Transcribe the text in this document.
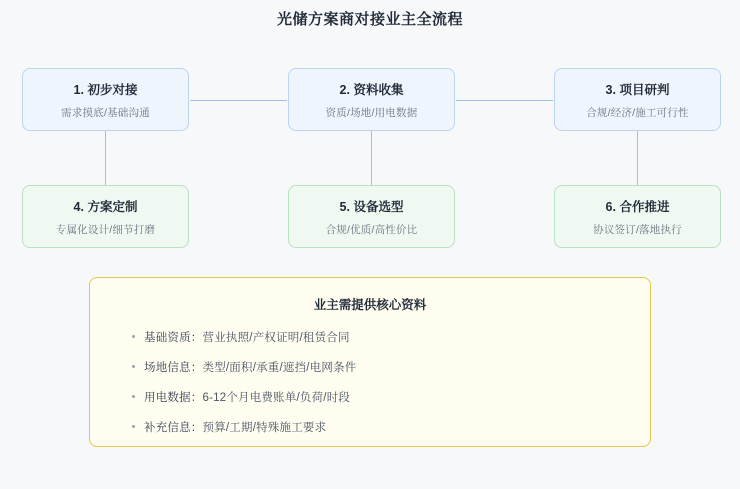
光储方案商对接业主全流程
1. 初步对接
需求摸底/基础沟通
2. 资料收集
资质/场地/用电数据
3. 项目研判
合规/经济/施工可行性
4. 方案定制
专属化设计/细节打磨
5. 设备选型
合规/优质/高性价比
6. 合作推进
协议签订/落地执行
业主需提供核心资料
基础资质：营业执照/产权证明/租赁合同
场地信息：类型/面积/承重/遮挡/电网条件
用电数据：6-12个月电费账单/负荷/时段
补充信息：预算/工期/特殊施工要求
